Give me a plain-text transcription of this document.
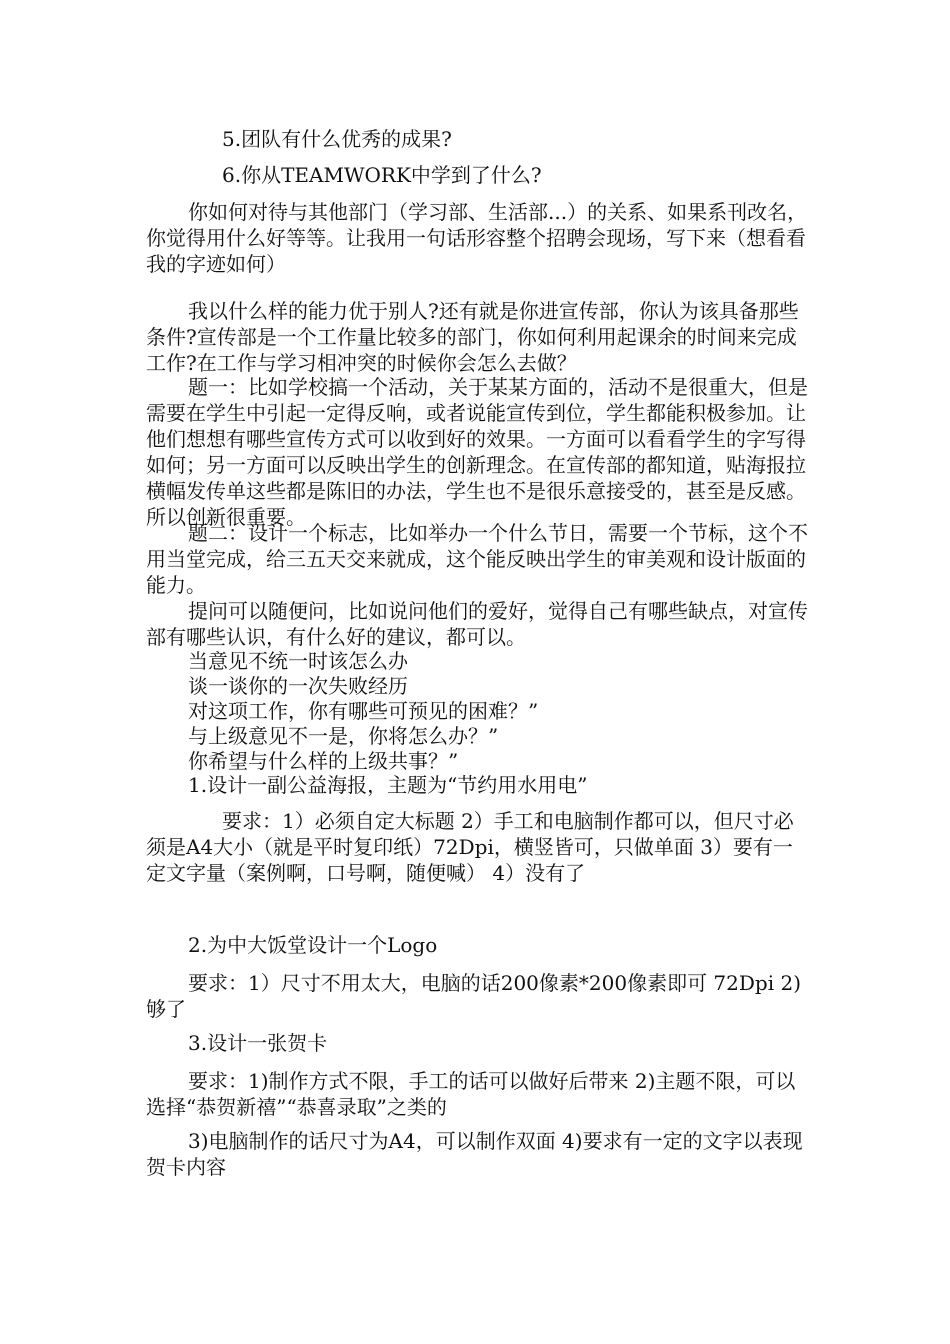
5.团队有什么优秀的成果?
6.你从TEAMWORK中学到了什么?
你如何对待与其他部门（学习部、生活部...）的关系、如果系刊改名，你觉得用什么好等等。让我用一句话形容整个招聘会现场，写下来（想看看我的字迹如何）
我以什么样的能力优于别人?还有就是你进宣传部，你认为该具备那些条件?宣传部是一个工作量比较多的部门，你如何利用起课余的时间来完成工作?在工作与学习相冲突的时候你会怎么去做？
题一：比如学校搞一个活动，关于某某方面的，活动不是很重大，但是需要在学生中引起一定得反响，或者说能宣传到位，学生都能积极参加。让他们想想有哪些宣传方式可以收到好的效果。一方面可以看看学生的字写得如何；另一方面可以反映出学生的创新理念。在宣传部的都知道，贴海报拉横幅发传单这些都是陈旧的办法，学生也不是很乐意接受的，甚至是反感。所以创新很重要。
题二：设计一个标志，比如举办一个什么节日，需要一个节标，这个不用当堂完成，给三五天交来就成，这个能反映出学生的审美观和设计版面的能力。
提问可以随便问，比如说问他们的爱好，觉得自己有哪些缺点，对宣传部有哪些认识，有什么好的建议，都可以。
当意见不统一时该怎么办
谈一谈你的一次失败经历
对这项工作，你有哪些可预见的困难？”
与上级意见不一是，你将怎么办？”
你希望与什么样的上级共事？”
1.设计一副公益海报，主题为“节约用水用电”
要求：1）必须自定大标题 2）手工和电脑制作都可以，但尺寸必须是A4大小（就是平时复印纸）72Dpi，横竖皆可，只做单面 3）要有一定文字量（案例啊，口号啊，随便喊） 4）没有了
2.为中大饭堂设计一个Logo
要求：1）尺寸不用太大，电脑的话200像素*200像素即可 72Dpi 2)够了
3.设计一张贺卡
要求：1)制作方式不限，手工的话可以做好后带来 2)主题不限，可以选择“恭贺新禧”“恭喜录取”之类的
3)电脑制作的话尺寸为A4，可以制作双面 4)要求有一定的文字以表现贺卡内容
